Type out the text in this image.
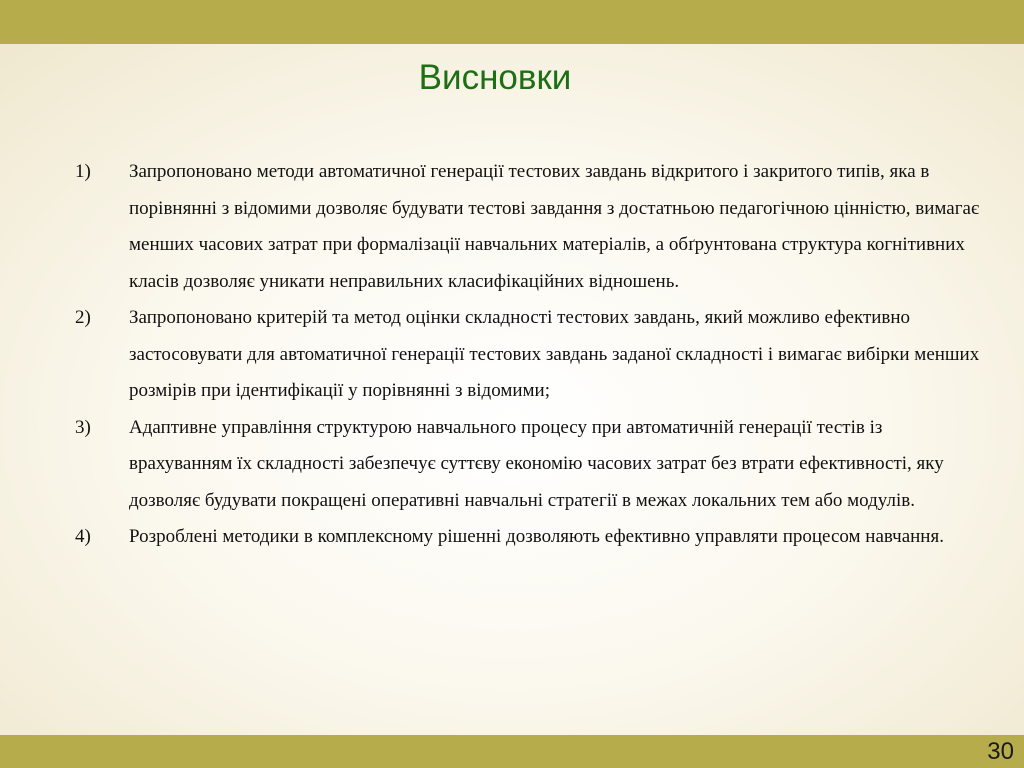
Висновки
1)	Запропоновано методи автоматичної генерації тестових завдань відкритого і закритого типів, яка в порівнянні з відомими дозволяє будувати тестові завдання з достатньою педагогічною цінністю, вимагає менших часових затрат при формалізації навчальних матеріалів, а обґрунтована структура когнітивних класів дозволяє уникати неправильних класифікаційних відношень.
2)	Запропоновано критерій та метод оцінки складності тестових завдань, який можливо ефективно застосовувати для автоматичної генерації тестових завдань заданої складності і вимагає вибірки менших розмірів при ідентифікації у порівнянні з відомими;
3)	Адаптивне управління структурою навчального процесу при автоматичній генерації тестів із врахуванням їх складності забезпечує суттєву економію часових затрат без втрати ефективності, яку дозволяє будувати покращені оперативні навчальні стратегії в межах локальних тем або модулів.
4)	Розроблені методики в комплексному рішенні дозволяють ефективно управляти процесом навчання.
30
